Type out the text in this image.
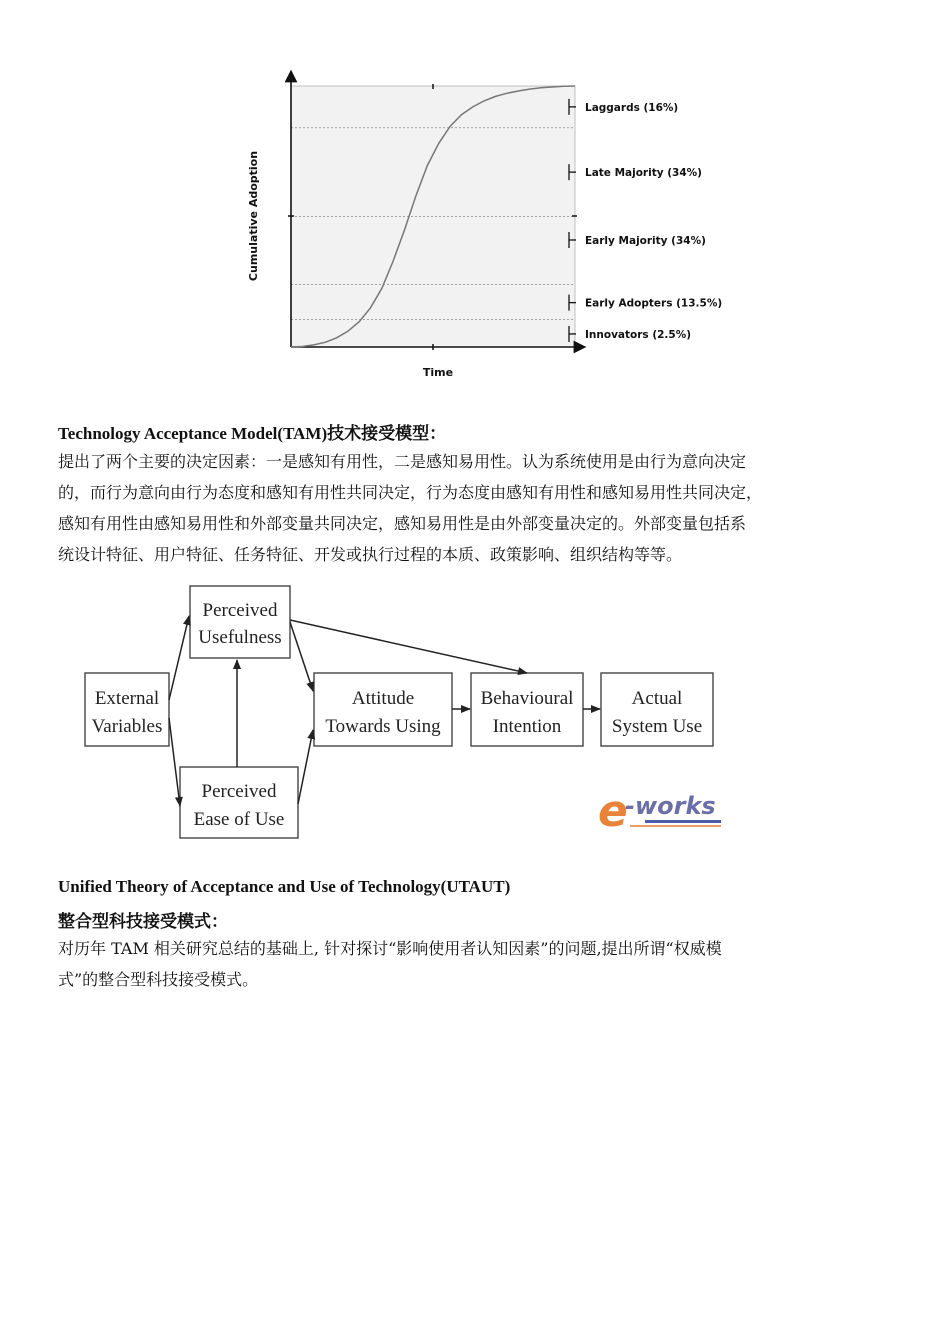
Laggards (16%)
Late Majority (34%)
Early Majority (34%)
Early Adopters (13.5%)
Innovators (2.5%)
Cumulative Adoption
Time
Technology Acceptance Model(TAM)技术接受模型：
提出了两个主要的决定因素：一是感知有用性，二是感知易用性。认为系统使用是由行为意向决定
的，而行为意向由行为态度和感知有用性共同决定，行为态度由感知有用性和感知易用性共同决定，
感知有用性由感知易用性和外部变量共同决定，感知易用性是由外部变量决定的。外部变量包括系
统设计特征、用户特征、任务特征、开发或执行过程的本质、政策影响、组织结构等等。
External
Variables
Perceived
Usefulness
Perceived
Ease of Use
Attitude
Towards Using
Behavioural
Intention
Actual
System Use
e
-works
Unified Theory of Acceptance and Use of Technology(UTAUT)
整合型科技接受模式：
对历年 TAM 相关研究总结的基础上, 针对探讨“影响使用者认知因素”的问题,提出所谓“权威模
式”的整合型科技接受模式。
